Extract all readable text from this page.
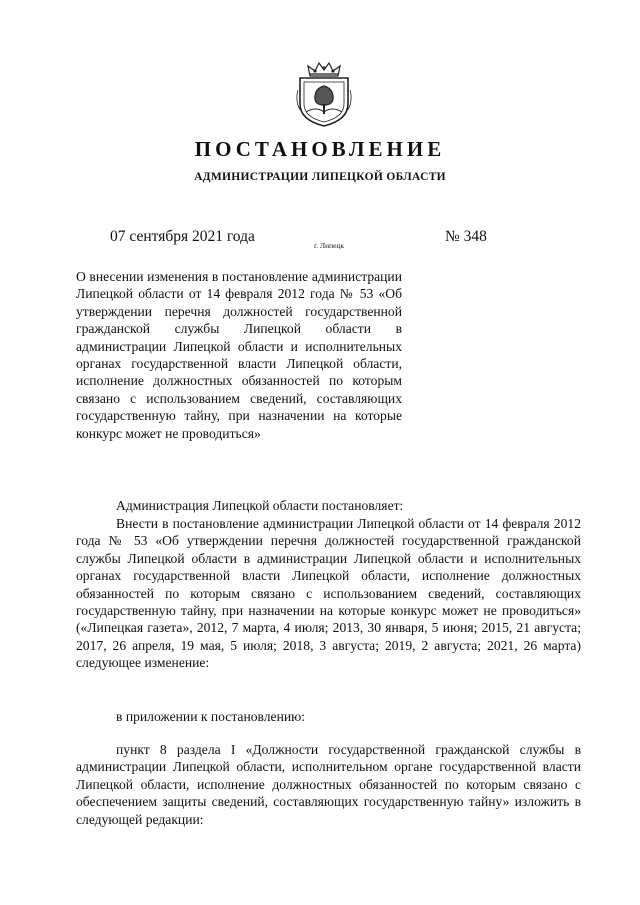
ПОСТАНОВЛЕНИЕ
АДМИНИСТРАЦИИ ЛИПЕЦКОЙ ОБЛАСТИ
07 сентября 2021 года
г. Липецк
№ 348
О внесении изменения в постановление администрации Липецкой области от 14 февраля 2012 года № 53 «Об утверждении перечня должностей государственной гражданской службы Липецкой области в администрации Липецкой области и исполнительных органах государственной власти Липецкой области, исполнение должностных обязанностей по которым связано с использованием сведений, составляющих государственную тайну, при назначении на которые конкурс может не проводиться»
Администрация Липецкой области постановляет:
Внести в постановление администрации Липецкой области от 14 февраля 2012 года № 53 «Об утверждении перечня должностей государственной гражданской службы Липецкой области в администрации Липецкой области и исполнительных органах государственной власти Липецкой области, исполнение должностных обязанностей по которым связано с использованием сведений, составляющих государственную тайну, при назначении на которые конкурс может не проводиться» («Липецкая газета», 2012, 7 марта, 4 июля; 2013, 30 января, 5 июня; 2015, 21 августа; 2017, 26 апреля, 19 мая, 5 июля; 2018, 3 августа; 2019, 2 августа; 2021, 26 марта) следующее изменение:
в приложении к постановлению:
пункт 8 раздела I «Должности государственной гражданской службы в администрации Липецкой области, исполнительном органе государственной власти Липецкой области, исполнение должностных обязанностей по которым связано с обеспечением защиты сведений, составляющих государственную тайну» изложить в следующей редакции:
